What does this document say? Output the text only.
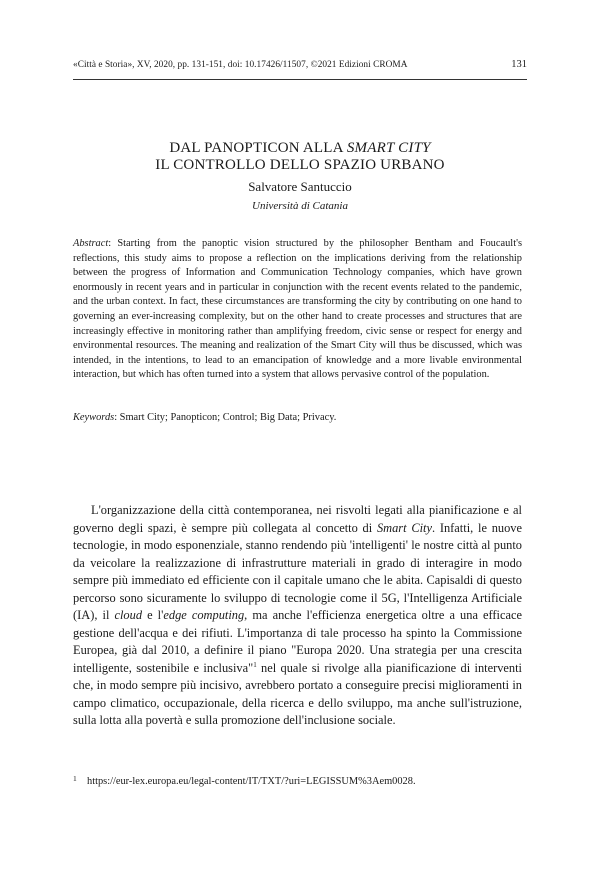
«Città e Storia», XV, 2020, pp. 131-151, doi: 10.17426/11507, ©2021 Edizioni CROMA	131
DAL PANOPTICON ALLA SMART CITY
IL CONTROLLO DELLO SPAZIO URBANO
Salvatore Santuccio
Università di Catania
Abstract: Starting from the panoptic vision structured by the philosopher Bentham and Foucault's reflections, this study aims to propose a reflection on the implications deriving from the relationship between the progress of Information and Communication Technology companies, which have grown enormously in recent years and in particular in conjunction with the recent events related to the pandemic, and the urban context. In fact, these circumstances are transforming the city by contributing on one hand to governing an ever-increasing complexity, but on the other hand to create processes and structures that are increasingly effective in monitoring rather than amplifying freedom, civic sense or respect for energy and environmental resources. The meaning and realization of the Smart City will thus be discussed, which was intended, in the intentions, to lead to an emancipation of knowledge and a more livable environmental interaction, but which has often turned into a system that allows pervasive control of the population.
Keywords: Smart City; Panopticon; Control; Big Data; Privacy.

L'organizzazione della città contemporanea, nei risvolti legati alla pianificazione e al governo degli spazi, è sempre più collegata al concetto di Smart City. Infatti, le nuove tecnologie, in modo esponenziale, stanno rendendo più 'intelligenti' le nostre città al punto da veicolare la realizzazione di infrastrutture materiali in grado di interagire in modo sempre più immediato ed efficiente con il capitale umano che le abita. Capisaldi di questo percorso sono sicuramente lo sviluppo di tecnologie come il 5G, l'Intelligenza Artificiale (IA), il cloud e l'edge computing, ma anche l'efficienza energetica oltre a una efficace gestione dell'acqua e dei rifiuti. L'importanza di tale processo ha spinto la Commissione Europea, già dal 2010, a definire il piano "Europa 2020. Una strategia per una crescita intelligente, sostenibile e inclusiva"$^1$ nel quale si rivolge alla pianificazione di interventi che, in modo sempre più incisivo, avrebbero portato a conseguire precisi miglioramenti in campo climatico, occupazionale, della ricerca e dello sviluppo, ma anche sull'istruzione, sulla lotta alla povertà e sulla promozione dell'inclusione sociale.

1 https://eur-lex.europa.eu/legal-content/IT/TXT/?uri=LEGISSUM%3Aem0028.
